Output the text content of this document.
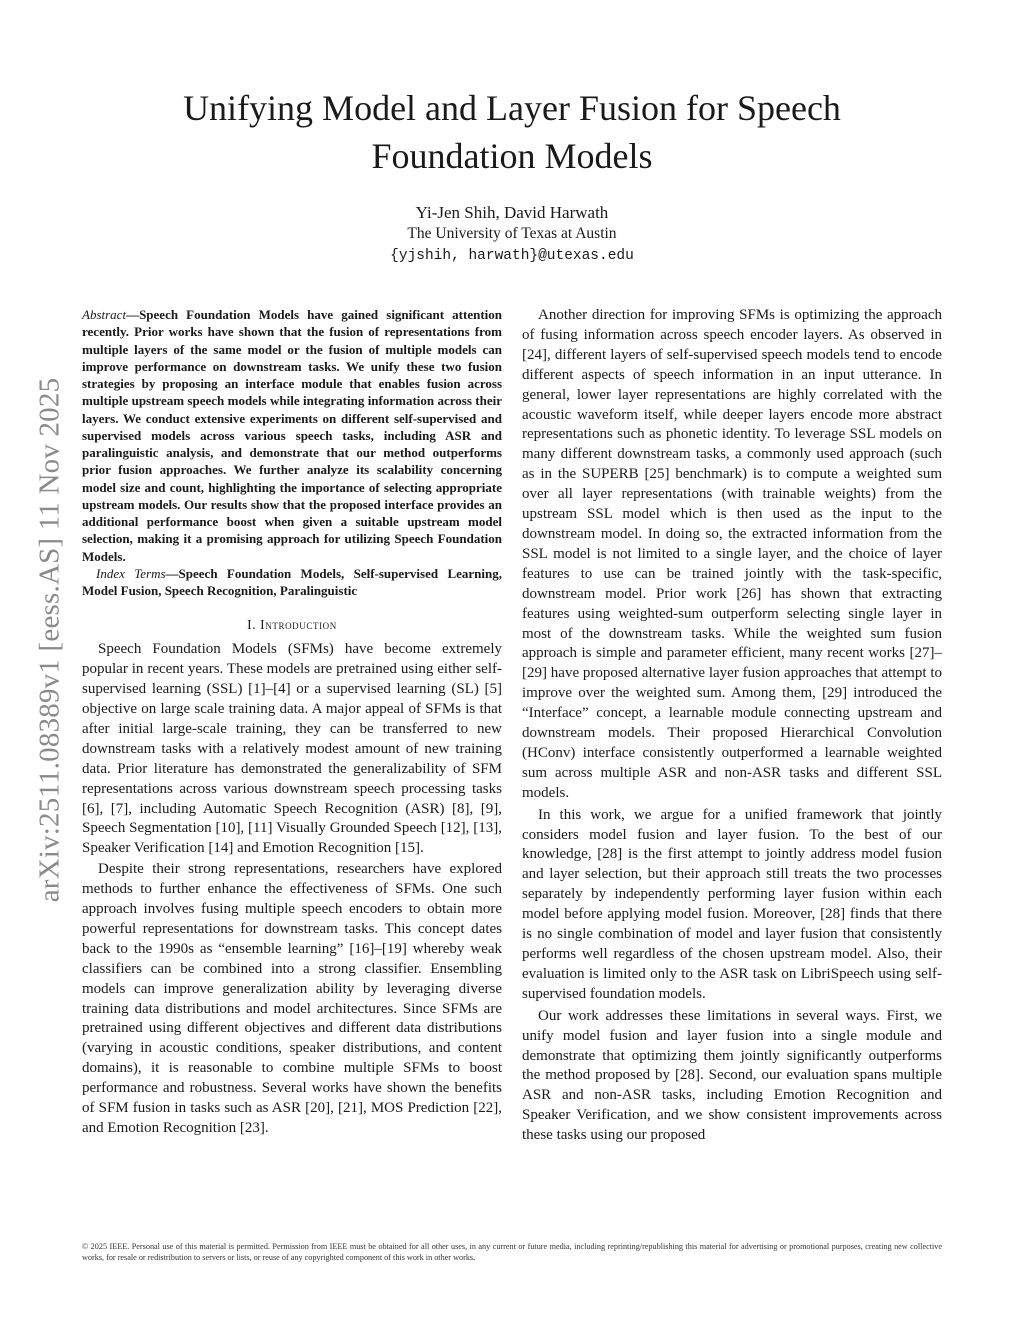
arXiv:2511.08389v1 [eess.AS] 11 Nov 2025
Unifying Model and Layer Fusion for Speech Foundation Models
Yi-Jen Shih, David Harwath
The University of Texas at Austin
{yjshih, harwath}@utexas.edu

Abstract—Speech Foundation Models have gained significant attention recently. Prior works have shown that the fusion of representations from multiple layers of the same model or the fusion of multiple models can improve performance on downstream tasks. We unify these two fusion strategies by proposing an interface module that enables fusion across multiple upstream speech models while integrating information across their layers. We conduct extensive experiments on different self-supervised and supervised models across various speech tasks, including ASR and paralinguistic analysis, and demonstrate that our method outperforms prior fusion approaches. We further analyze its scalability concerning model size and count, highlighting the importance of selecting appropriate upstream models. Our results show that the proposed interface provides an additional performance boost when given a suitable upstream model selection, making it a promising approach for utilizing Speech Foundation Models.

Index Terms—Speech Foundation Models, Self-supervised Learning, Model Fusion, Speech Recognition, Paralinguistic

I. Introduction

Speech Foundation Models (SFMs) have become extremely popular in recent years. These models are pretrained using either self-supervised learning (SSL) [1]–[4] or a supervised learning (SL) [5] objective on large scale training data. A major appeal of SFMs is that after initial large-scale training, they can be transferred to new downstream tasks with a relatively modest amount of new training data. Prior literature has demonstrated the generalizability of SFM representations across various downstream speech processing tasks [6], [7], including Automatic Speech Recognition (ASR) [8], [9], Speech Segmentation [10], [11] Visually Grounded Speech [12], [13], Speaker Verification [14] and Emotion Recognition [15].

Despite their strong representations, researchers have explored methods to further enhance the effectiveness of SFMs. One such approach involves fusing multiple speech encoders to obtain more powerful representations for downstream tasks. This concept dates back to the 1990s as “ensemble learning” [16]–[19] whereby weak classifiers can be combined into a strong classifier. Ensembling models can improve generalization ability by leveraging diverse training data distributions and model architectures. Since SFMs are pretrained using different objectives and different data distributions (varying in acoustic conditions, speaker distributions, and content domains), it is reasonable to combine multiple SFMs to boost performance and robustness. Several works have shown the benefits of SFM fusion in tasks such as ASR [20], [21], MOS Prediction [22], and Emotion Recognition [23].

Another direction for improving SFMs is optimizing the approach of fusing information across speech encoder layers. As observed in [24], different layers of self-supervised speech models tend to encode different aspects of speech information in an input utterance. In general, lower layer representations are highly correlated with the acoustic waveform itself, while deeper layers encode more abstract representations such as phonetic identity. To leverage SSL models on many different downstream tasks, a commonly used approach (such as in the SUPERB [25] benchmark) is to compute a weighted sum over all layer representations (with trainable weights) from the upstream SSL model which is then used as the input to the downstream model. In doing so, the extracted information from the SSL model is not limited to a single layer, and the choice of layer features to use can be trained jointly with the task-specific, downstream model. Prior work [26] has shown that extracting features using weighted-sum outperform selecting single layer in most of the downstream tasks. While the weighted sum fusion approach is simple and parameter efficient, many recent works [27]–[29] have proposed alternative layer fusion approaches that attempt to improve over the weighted sum. Among them, [29] introduced the “Interface” concept, a learnable module connecting upstream and downstream models. Their proposed Hierarchical Convolution (HConv) interface consistently outperformed a learnable weighted sum across multiple ASR and non-ASR tasks and different SSL models.

In this work, we argue for a unified framework that jointly considers model fusion and layer fusion. To the best of our knowledge, [28] is the first attempt to jointly address model fusion and layer selection, but their approach still treats the two processes separately by independently performing layer fusion within each model before applying model fusion. Moreover, [28] finds that there is no single combination of model and layer fusion that consistently performs well regardless of the chosen upstream model. Also, their evaluation is limited only to the ASR task on LibriSpeech using self-supervised foundation models.

Our work addresses these limitations in several ways. First, we unify model fusion and layer fusion into a single module and demonstrate that optimizing them jointly significantly outperforms the method proposed by [28]. Second, our evaluation spans multiple ASR and non-ASR tasks, including Emotion Recognition and Speaker Verification, and we show consistent improvements across these tasks using our proposed

© 2025 IEEE. Personal use of this material is permitted. Permission from IEEE must be obtained for all other uses, in any current or future media, including reprinting/republishing this material for advertising or promotional purposes, creating new collective works, for resale or redistribution to servers or lists, or reuse of any copyrighted component of this work in other works.
